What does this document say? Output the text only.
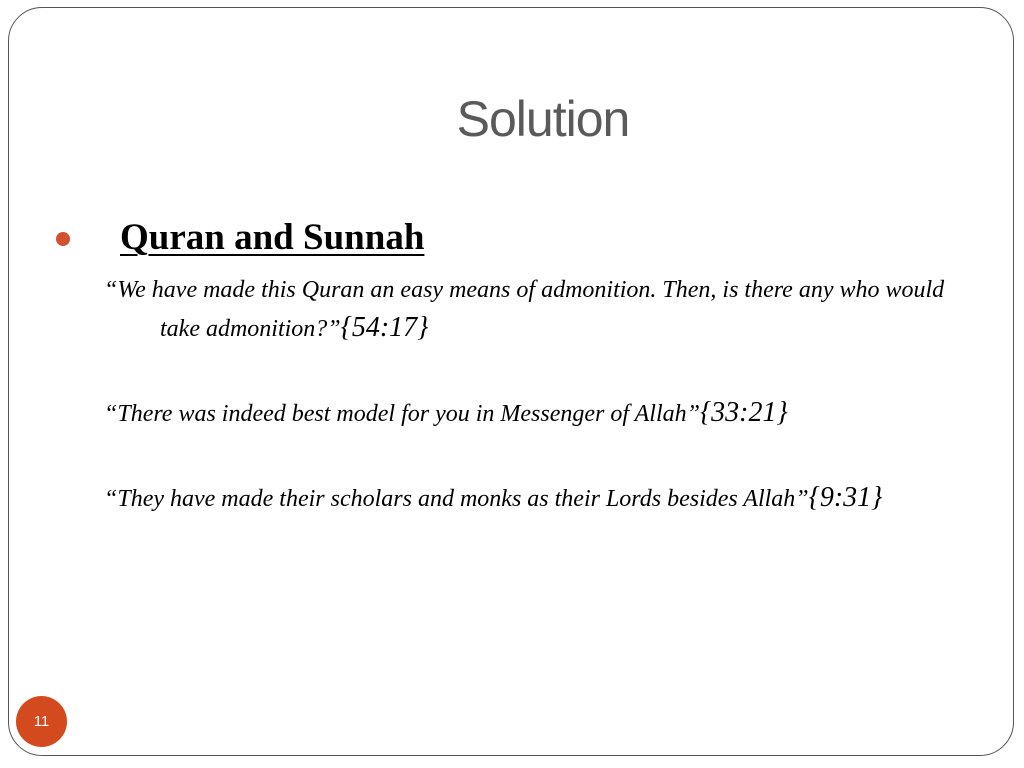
Solution
Quran and Sunnah
“We have made this Quran an easy means of admonition. Then, is there any who would take admonition?”{54:17}
“There was indeed best model for you in Messenger of Allah”{33:21}
“They have made their scholars and monks as their Lords besides Allah”{9:31}
11
